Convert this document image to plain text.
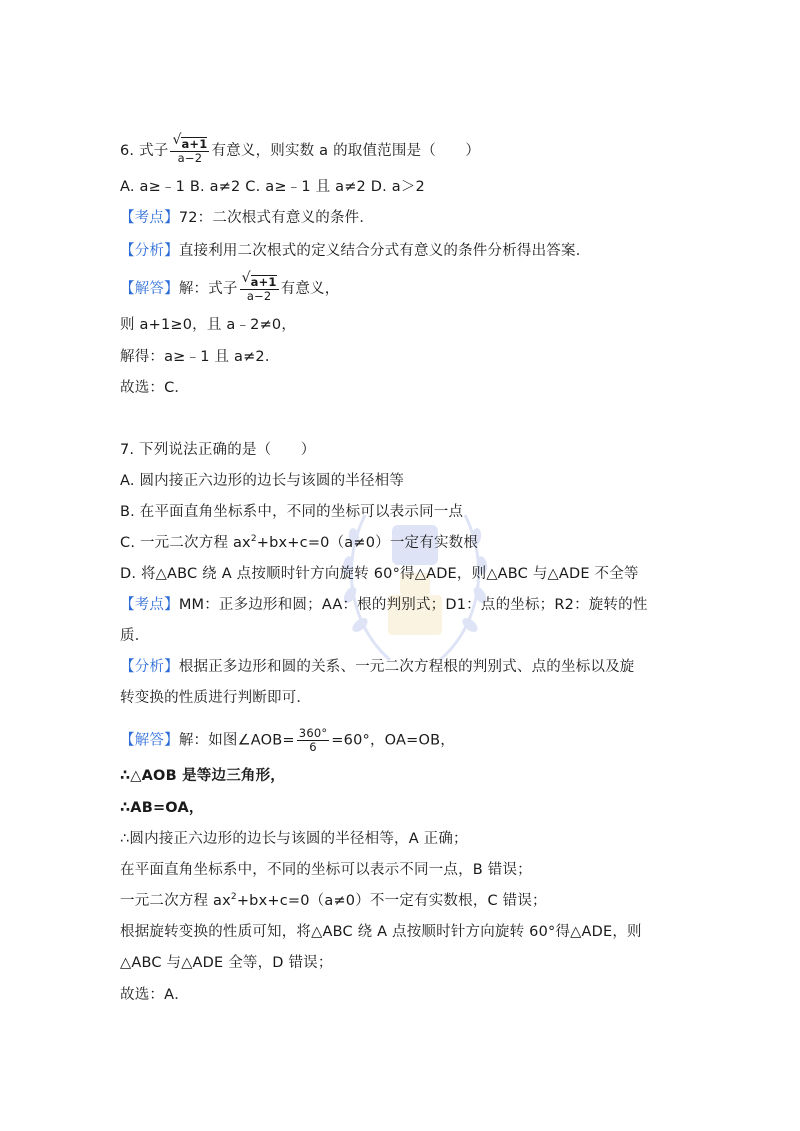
6. 式子 $\frac{√ a+1}{a-2}$ 有意义，则实数 a 的取值范围是（　　）
A. a≥﹣1 B. a≠2 C. a≥﹣1 且 a≠2 D. a＞2
【考点】72：二次根式有意义的条件．
【分析】直接利用二次根式的定义结合分式有意义的条件分析得出答案．
【解答】解：式子 $\frac{√ a+1}{a-2}$ 有意义，
则 a+1≥0，且 a﹣2≠0，
解得：a≥﹣1 且 a≠2．
故选：C．
7. 下列说法正确的是（　　）
A. 圆内接正六边形的边长与该圆的半径相等
B. 在平面直角坐标系中，不同的坐标可以表示同一点
C. 一元二次方程 $ax^2+bx+c=0(a\ne 0)$一定有实数根
D. 将△ABC 绕 A 点按顺时针方向旋转 60°得△ADE，则△ABC 与△ADE 不全等
【考点】MM：正多边形和圆；AA：根的判别式；D1：点的坐标；R2：旋转的性
质．
【分析】根据正多边形和圆的关系、一元二次方程根的判别式、点的坐标以及旋
转变换的性质进行判断即可．
【解答】解：如图∠AOB= $\frac{360^\circ}{6} =60^\circ$，OA=OB，
∴△AOB 是等边三角形，
∴AB=OA，
∴圆内接正六边形的边长与该圆的半径相等，A 正确；
在平面直角坐标系中，不同的坐标可以表示不同一点，B 错误；
一元二次方程 $ax^2+bx+c=0(a\ne 0)$不一定有实数根，C 错误；
根据旋转变换的性质可知，将△ABC 绕 A 点按顺时针方向旋转 60°得△ADE，则
△ABC 与△ADE 全等，D 错误；
故选：A．
